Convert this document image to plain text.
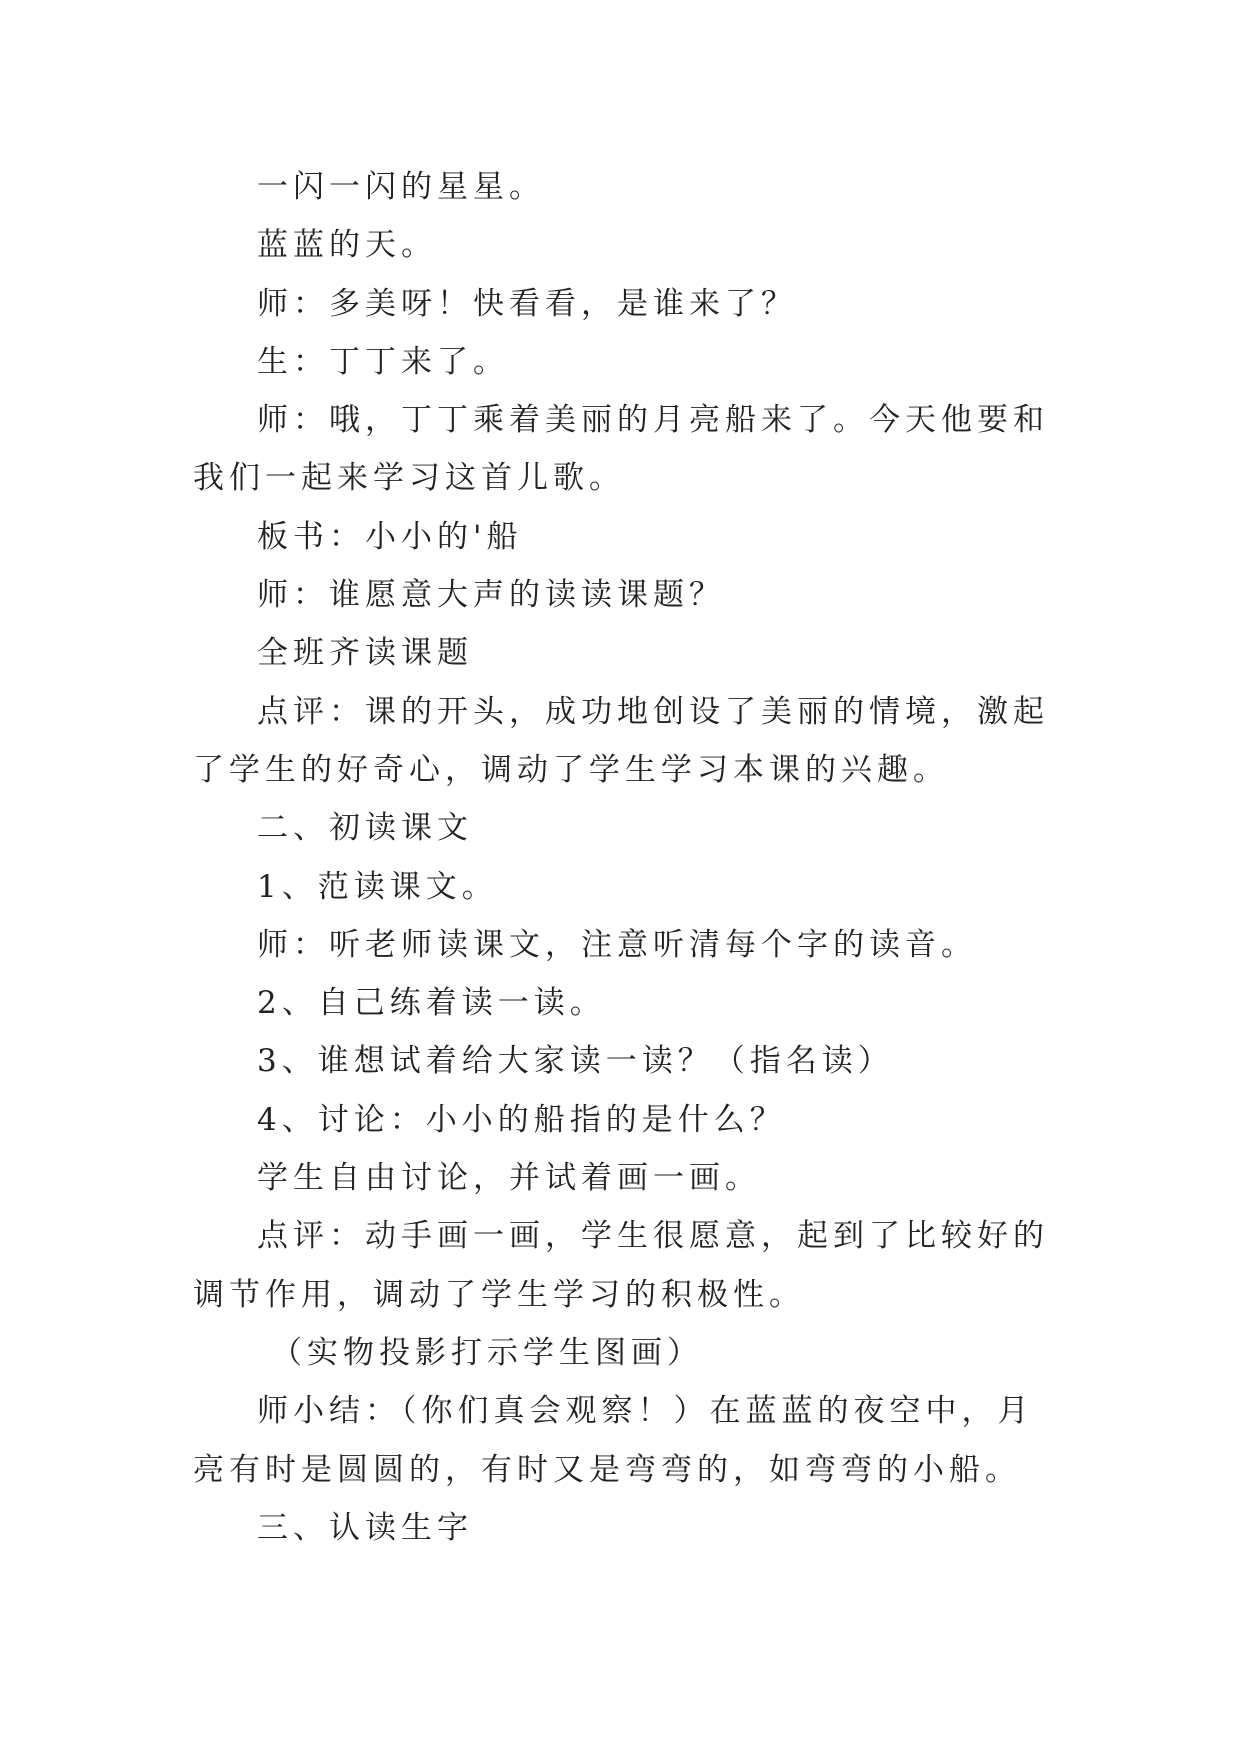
一闪一闪的星星。

蓝蓝的天。

师：多美呀！快看看，是谁来了？

生：丁丁来了。

师：哦，丁丁乘着美丽的月亮船来了。今天他要和我们一起来学习这首儿歌。

板书：小小的'船

师：谁愿意大声的读读课题？

全班齐读课题

点评：课的开头，成功地创设了美丽的情境，激起了学生的好奇心，调动了学生学习本课的兴趣。

二、初读课文

1、范读课文。

师：听老师读课文，注意听清每个字的读音。

2、自己练着读一读。

3、谁想试着给大家读一读？（指名读）

4、讨论：小小的船指的是什么？

学生自由讨论，并试着画一画。

点评：动手画一画，学生很愿意，起到了比较好的调节作用，调动了学生学习的积极性。

（实物投影打示学生图画）

师小结：（你们真会观察！）在蓝蓝的夜空中，月亮有时是圆圆的，有时又是弯弯的，如弯弯的小船。

三、认读生字
